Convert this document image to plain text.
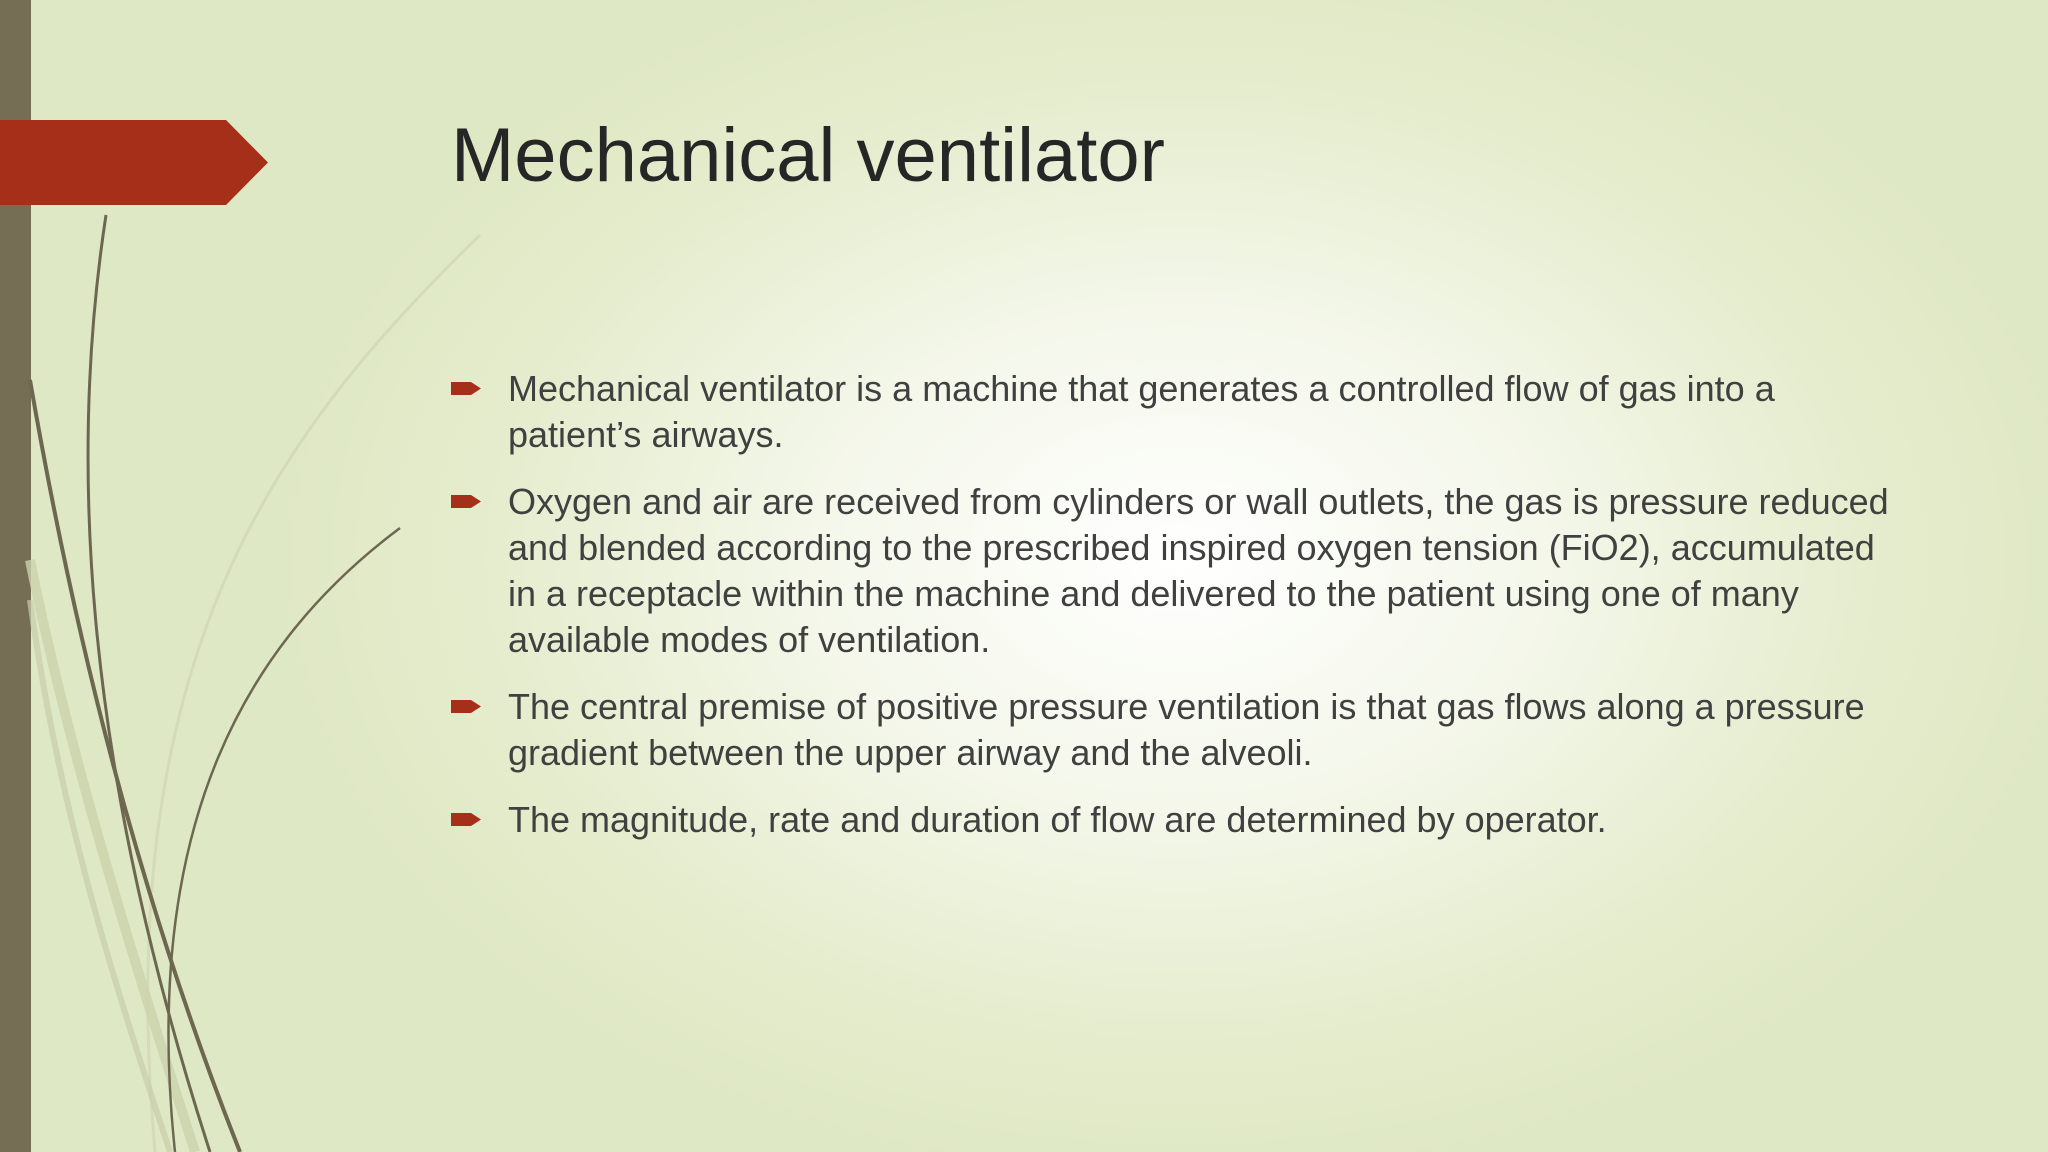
Mechanical ventilator
Mechanical ventilator is a machine that generates a controlled flow of gas into a patient’s airways.
Oxygen and air are received from cylinders or wall outlets, the gas is pressure reduced and blended according to the prescribed inspired oxygen tension (FiO2), accumulated in a receptacle within the machine and delivered to the patient using one of many available modes of ventilation.
The central premise of positive pressure ventilation is that gas flows along a pressure gradient between the upper airway and the alveoli.
The magnitude, rate and duration of flow are determined by operator.
